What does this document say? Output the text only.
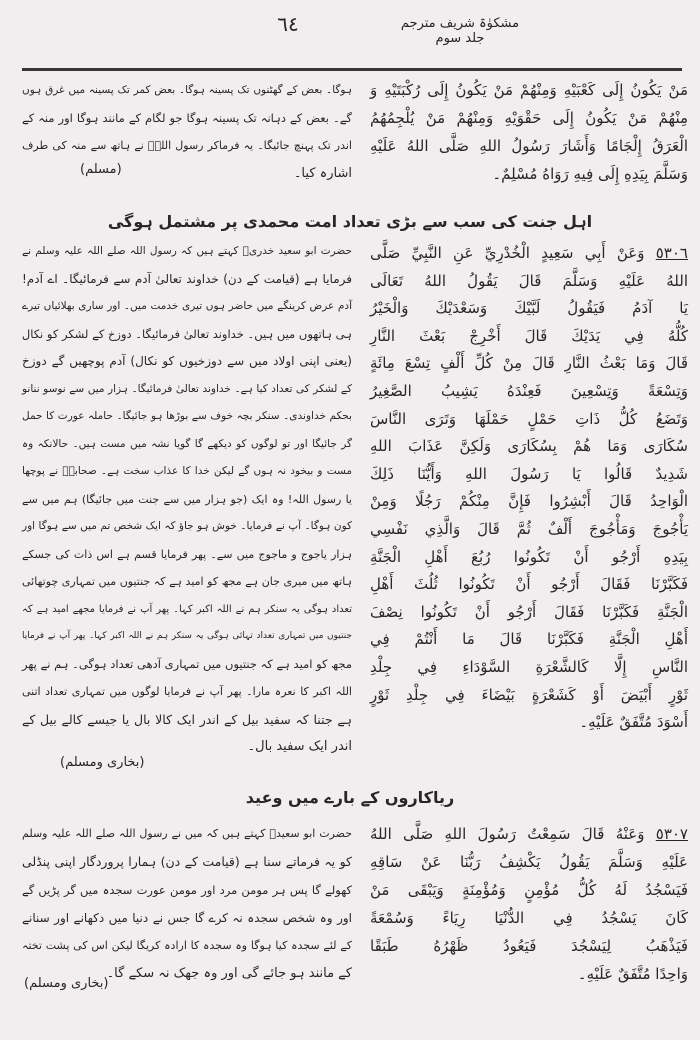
مشکوٰۃ شریف مترجم جلد سوم
٦٤
مَنْ يَكُونُ إِلَى كَعْبَيْهِ وَمِنْهُمْ مَنْ يَكُونُ إِلَى رُكْبَتَيْهِ وَ
مِنْهُمْ مَنْ يَكُونُ إِلَى حَقْوَيْهِ وَمِنْهُمْ مَنْ يُلْجِمُهُمُ
الْعَرَقُ إِلْجَامًا وَأَشَارَ رَسُولُ اللهِ صَلَّى اللهُ عَلَيْهِ
وَسَلَّمَ بِيَدِهِ إِلَى فِيهِ رَوَاهُ مُسْلِمٌ۔
ہوگا۔ بعض کے گھٹنوں تک پسینہ ہوگا۔ بعض کمر تک پسینہ میں غرق ہوں
گے۔ بعض کے دہانہ تک پسینہ ہوگا جو لگام کے مانند ہوگا اور منہ کے
اندر تک پہنچ جائیگا۔ یہ فرماکر رسول اللہؐ نے ہاتھ سے منہ کی طرف
اشارہ کیا۔
(مسلم)
اہل جنت کی سب سے بڑی تعداد امت محمدی پر مشتمل ہوگی
٥٣٠٦ وَعَنْ أَبِي سَعِيدٍ الْخُدْرِيِّ عَنِ النَّبِيِّ صَلَّى
اللهُ عَلَيْهِ وَسَلَّمَ قَالَ يَقُولُ اللهُ تَعَالَى
يَا آدَمُ فَيَقُولُ لَبَّيْكَ وَسَعْدَيْكَ وَالْخَيْرُ
كُلُّهُ فِي يَدَيْكَ قَالَ أَخْرِجْ بَعْثَ النَّارِ
قَالَ وَمَا بَعْثُ النَّارِ قَالَ مِنْ كُلِّ أَلْفٍ تِسْعَ مِائَةٍ
وَتِسْعَةً وَتِسْعِينَ فَعِنْدَهُ يَشِيبُ الصَّغِيرُ
وَتَضَعُ كُلُّ ذَاتِ حَمْلٍ حَمْلَهَا وَتَرَى النَّاسَ
سُكَارَى وَمَا هُمْ بِسُكَارَى وَلَكِنَّ عَذَابَ اللهِ
شَدِيدٌ قَالُوا يَا رَسُولَ اللهِ وَأَيُّنَا ذَلِكَ
الْوَاحِدُ قَالَ أَبْشِرُوا فَإِنَّ مِنْكُمْ رَجُلًا وَمِنْ
يَأْجُوجَ وَمَأْجُوجَ أَلْفٌ ثُمَّ قَالَ وَالَّذِي نَفْسِي
بِيَدِهِ أَرْجُو أَنْ تَكُونُوا رُبُعَ أَهْلِ الْجَنَّةِ
فَكَبَّرْنَا فَقَالَ أَرْجُو أَنْ تَكُونُوا ثُلُثَ أَهْلِ
الْجَنَّةِ فَكَبَّرْنَا فَقَالَ أَرْجُو أَنْ تَكُونُوا نِصْفَ
أَهْلِ الْجَنَّةِ فَكَبَّرْنَا قَالَ مَا أَنْتُمْ فِي
النَّاسِ إِلَّا كَالشَّعْرَةِ السَّوْدَاءِ فِي جِلْدِ
ثَوْرٍ أَبْيَضَ أَوْ كَشَعْرَةٍ بَيْضَاءَ فِي جِلْدِ ثَوْرٍ
أَسْوَدَ مُتَّفَقٌ عَلَيْهِ۔
حضرت ابو سعید خدریؓ کہتے ہیں کہ رسول اللہ صلے اللہ علیہ وسلم نے
فرمایا ہے (قیامت کے دن) خداوند تعالیٰ آدم سے فرمائیگا۔ اے آدم!
آدم عرض کرینگے میں حاضر ہوں تیری خدمت میں۔ اور ساری بھلائیاں تیرے
ہی ہاتھوں میں ہیں۔ خداوند تعالیٰ فرمائیگا۔ دوزخ کے لشکر کو نکال
(یعنی اپنی اولاد میں سے دوزخیوں کو نکال) آدم پوچھیں گے دوزخ
کے لشکر کی تعداد کیا ہے۔ خداوند تعالیٰ فرمائیگا۔ ہزار میں سے نوسو ننانو
بحکم خداوندی۔ سنکر بچہ خوف سے بوڑھا ہو جائیگا۔ حاملہ عورت کا حمل
گر جائیگا اور تو لوگوں کو دیکھے گا گویا نشہ میں مست ہیں۔ حالانکہ وہ
مست و بیخود نہ ہوں گے لیکن خدا کا عذاب سخت ہے۔ صحابہؓ نے پوچھا
یا رسول اللہ! وہ ایک (جو ہزار میں سے جنت میں جائیگا) ہم میں سے
کون ہوگا۔ آپ نے فرمایا۔ خوش ہو جاؤ کہ ایک شخص تم میں سے ہوگا اور
ہزار یاجوج و ماجوج میں سے۔ پھر فرمایا قسم ہے اس ذات کی جسکے
ہاتھ میں میری جان ہے مجھ کو امید ہے کہ جنتیوں میں تمہاری چوتھائی
تعداد ہوگی یہ سنکر ہم نے اللہ اکبر کہا۔ پھر آپ نے فرمایا مجھے امید ہے کہ
جنتیوں میں تمہاری تعداد تہائی ہوگی یہ سنکر ہم نے اللہ اکبر کہا۔ پھر آپ نے فرمایا
مجھ کو امید ہے کہ جنتیوں میں تمہاری آدھی تعداد ہوگی۔ ہم نے پھر
اللہ اکبر کا نعرہ مارا۔ پھر آپ نے فرمایا لوگوں میں تمہاری تعداد اتنی
ہے جتنا کہ سفید بیل کے اندر ایک کالا بال یا جیسے کالے بیل کے
اندر ایک سفید بال۔
(بخاری ومسلم)
ریاکاروں کے بارے میں وعید
٥٣٠٧ وَعَنْهُ قَالَ سَمِعْتُ رَسُولَ اللهِ صَلَّى اللهُ
عَلَيْهِ وَسَلَّمَ يَقُولُ يَكْشِفُ رَبُّنَا عَنْ سَاقِهِ
فَيَسْجُدُ لَهُ كُلُّ مُؤْمِنٍ وَمُؤْمِنَةٍ وَيَبْقَى مَنْ
كَانَ يَسْجُدُ فِي الدُّنْيَا رِيَاءً وَسُمْعَةً
فَيَذْهَبُ لِيَسْجُدَ فَيَعُودُ ظَهْرُهُ طَبَقًا
وَاحِدًا مُتَّفَقٌ عَلَيْهِ۔
حضرت ابو سعیدؓ کہتے ہیں کہ میں نے رسول اللہ صلے اللہ علیہ وسلم
کو یہ فرماتے سنا ہے (قیامت کے دن) ہمارا پروردگار اپنی پنڈلی
کھولے گا پس ہر مومن مرد اور مومن عورت سجدہ میں گر پڑیں گے
اور وہ شخص سجدہ نہ کرے گا جس نے دنیا میں دکھانے اور سنانے
کے لئے سجدہ کیا ہوگا وہ سجدہ کا ارادہ کریگا لیکن اس کی پشت تختہ
کے مانند ہو جائے گی اور وہ جھک نہ سکے گا۔
(بخاری ومسلم)
